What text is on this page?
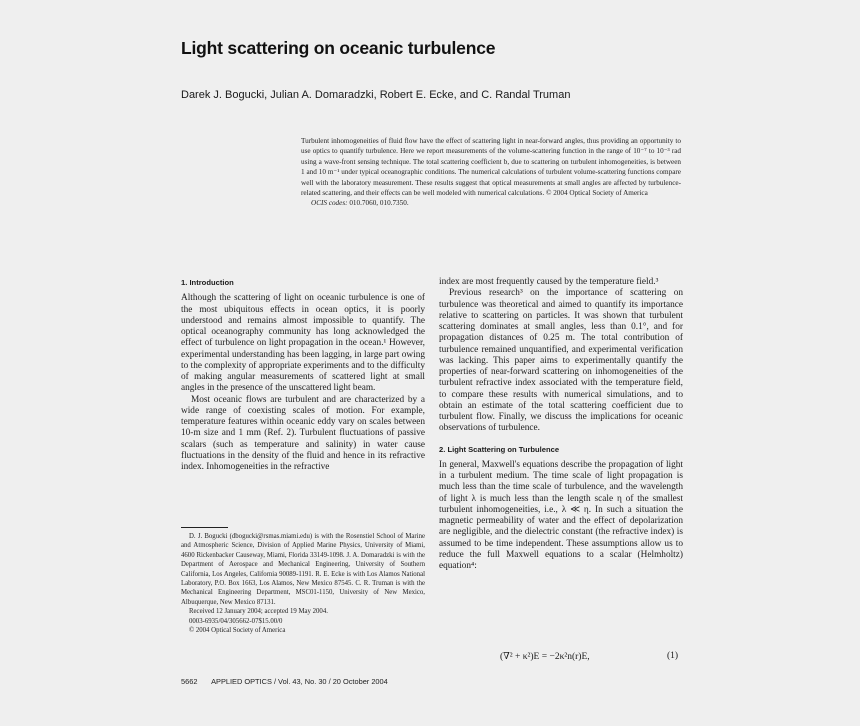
Light scattering on oceanic turbulence
Darek J. Bogucki, Julian A. Domaradzki, Robert E. Ecke, and C. Randal Truman

Turbulent inhomogeneities of fluid flow have the effect of scattering light in near-forward angles, thus providing an opportunity to use optics to quantify turbulence. Here we report measurements of the volume-scattering function in the range of 10⁻⁷ to 10⁻³ rad using a wave-front sensing technique. The total scattering coefficient b, due to scattering on turbulent inhomogeneities, is between 1 and 10 m⁻¹ under typical oceanographic conditions. The numerical calculations of turbulent volume-scattering functions compare well with the laboratory measurement. These results suggest that optical measurements at small angles are affected by turbulence-related scattering, and their effects can be well modeled with numerical calculations. © 2004 Optical Society of America

OCIS codes: 010.7060, 010.7350.

1. Introduction

Although the scattering of light on oceanic turbulence is one of the most ubiquitous effects in ocean optics, it is poorly understood and remains almost impossible to quantify. The optical oceanography community has long acknowledged the effect of turbulence on light propagation in the ocean.¹ However, experimental understanding has been lagging, in large part owing to the complexity of appropriate experiments and to the difficulty of making angular measurements of scattered light at small angles in the presence of the unscattered light beam.

Most oceanic flows are turbulent and are characterized by a wide range of coexisting scales of motion. For example, temperature features within oceanic eddy vary on scales between 10-m size and 1 mm (Ref. 2). Turbulent fluctuations of passive scalars (such as temperature and salinity) in water cause fluctuations in the density of the fluid and hence in its refractive index. Inhomogeneities in the refractive

index are most frequently caused by the temperature field.³

Previous research³ on the importance of scattering on turbulence was theoretical and aimed to quantify its importance relative to scattering on particles. It was shown that turbulent scattering dominates at small angles, less than 0.1°, and for propagation distances of 0.25 m. The total contribution of turbulence remained unquantified, and experimental verification was lacking. This paper aims to experimentally quantify the properties of near-forward scattering on inhomogeneities of the turbulent refractive index associated with the temperature field, to compare these results with numerical simulations, and to obtain an estimate of the total scattering coefficient due to turbulent flow. Finally, we discuss the implications for oceanic observations of turbulence.

2. Light Scattering on Turbulence

In general, Maxwell's equations describe the propagation of light in a turbulent medium. The time scale of light propagation is much less than the time scale of turbulence, and the wavelength of light λ is much less than the length scale η of the smallest turbulent inhomogeneities, i.e., λ ≪ η. In such a situation the magnetic permeability of water and the effect of depolarization are negligible, and the dielectric constant (the refractive index) is assumed to be time independent. These assumptions allow us to reduce the full Maxwell equations to a scalar (Helmholtz) equation⁴:

D. J. Bogucki (dbogucki@rsmas.miami.edu) is with the Rosenstiel School of Marine and Atmospheric Science, Division of Applied Marine Physics, University of Miami, 4600 Rickenbacker Causeway, Miami, Florida 33149-1098. J. A. Domaradzki is with the Department of Aerospace and Mechanical Engineering, University of Southern California, Los Angeles, California 90089-1191. R. E. Ecke is with Los Alamos National Laboratory, P.O. Box 1663, Los Alamos, New Mexico 87545. C. R. Truman is with the Mechanical Engineering Department, MSC01-1150, University of New Mexico, Albuquerque, New Mexico 87131.

Received 12 January 2004; accepted 19 May 2004.

0003-6935/04/305662-07$15.00/0

© 2004 Optical Society of America

(∇² + κ²)E = −2κ²n(r)E,	(1)
5662 APPLIED OPTICS / Vol. 43, No. 30 / 20 October 2004
